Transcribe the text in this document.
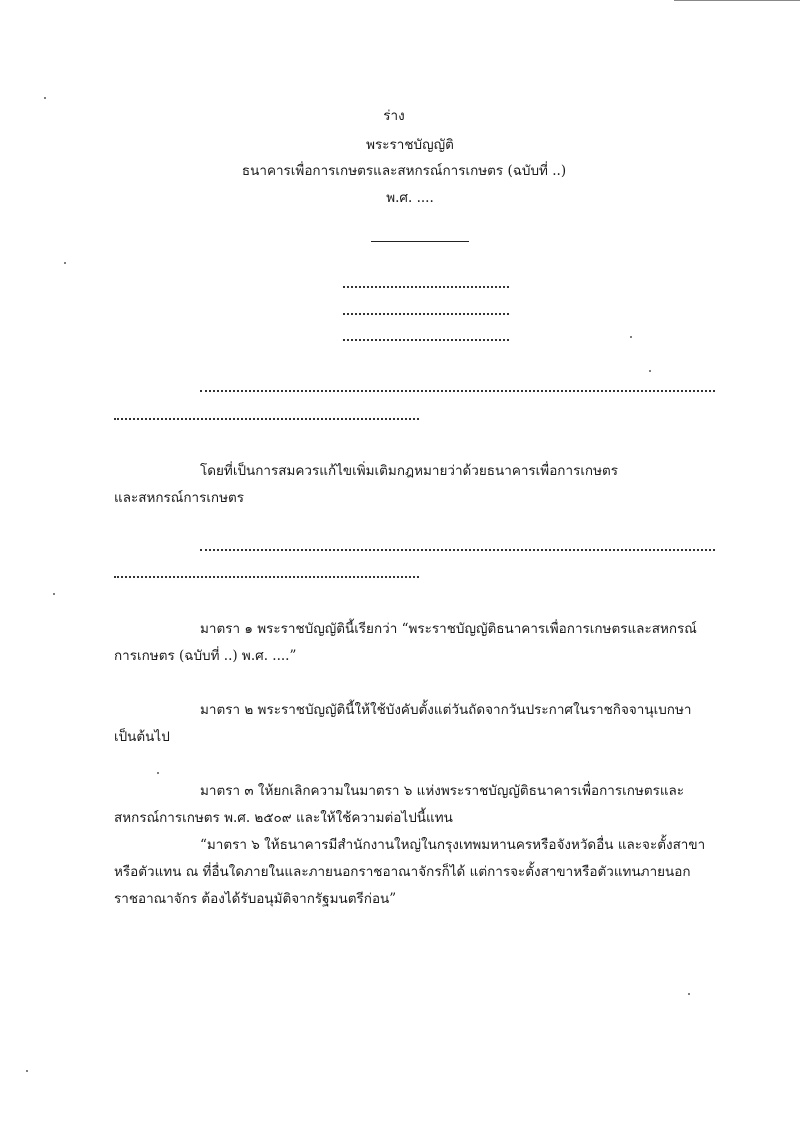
ร่าง
พระราชบัญญัติ
ธนาคารเพื่อการเกษตรและสหกรณ์การเกษตร (ฉบับที่ ..)
พ.ศ. ....
โดยที่เป็นการสมควรแก้ไขเพิ่มเติมกฎหมายว่าด้วยธนาคารเพื่อการเกษตร
และสหกรณ์การเกษตร
มาตรา ๑ พระราชบัญญัตินี้เรียกว่า “พระราชบัญญัติธนาคารเพื่อการเกษตรและสหกรณ์
การเกษตร (ฉบับที่ ..) พ.ศ. ....”
มาตรา ๒ พระราชบัญญัตินี้ให้ใช้บังคับตั้งแต่วันถัดจากวันประกาศในราชกิจจานุเบกษา
เป็นต้นไป
มาตรา ๓ ให้ยกเลิกความในมาตรา ๖ แห่งพระราชบัญญัติธนาคารเพื่อการเกษตรและ
สหกรณ์การเกษตร พ.ศ. ๒๕๐๙ และให้ใช้ความต่อไปนี้แทน
“มาตรา ๖ ให้ธนาคารมีสำนักงานใหญ่ในกรุงเทพมหานครหรือจังหวัดอื่น และจะตั้งสาขา
หรือตัวแทน ณ ที่อื่นใดภายในและภายนอกราชอาณาจักรก็ได้ แต่การจะตั้งสาขาหรือตัวแทนภายนอก
ราชอาณาจักร ต้องได้รับอนุมัติจากรัฐมนตรีก่อน”
